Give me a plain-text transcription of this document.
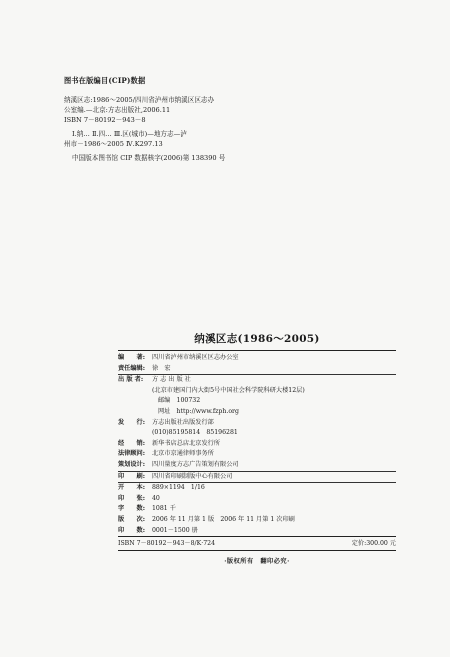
图书在版编目(CIP)数据
纳溪区志:1986～2005/四川省泸州市纳溪区区志办
公室编.—北京:方志出版社,2006.11
ISBN 7－80192－943－8
Ⅰ.纳… Ⅱ.四… Ⅲ.区(城市)—地方志—泸
州市－1986～2005 Ⅳ.K297.13
中国版本图书馆 CIP 数据核字(2006)第 138390 号
纳溪区志(1986～2005)
编　　著:	四川省泸州市纳溪区区志办公室
责任编辑:	徐　宏
出 版 者:	方 志 出 版 社
(北京市建国门内大街5号中国社会科学院科研大楼12层)
邮编　100732
网址　http://www.fzph.org
发　　行:	方志出版社出版发行部
(010)85195814　85196281
经　　销:	新华书店总店北京发行所
法律顾问:	北京市京通律师事务所
策划设计:	四川量度方志广告策划有限公司
印　　刷:	四川省印刷制版中心有限公司
开　　本:	889×1194　1/16
印　　张:	40
字　　数:	1081 千
版　　次:	2006 年 11 月第 1 版　2006 年 11 月第 1 次印刷
印　　数:	0001－1500 册
ISBN 7－80192－943－8/K·724	定价:300.00 元
·版权所有　翻印必究·
